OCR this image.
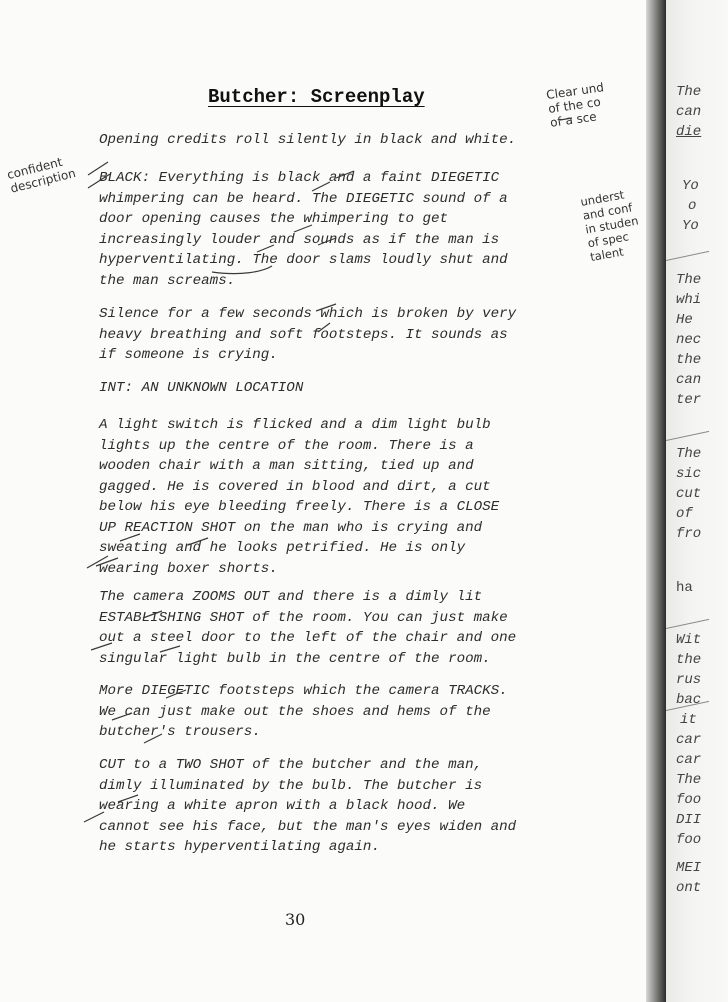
Butcher: Screenplay

Opening credits roll silently in black and white.

BLACK: Everything is black and a faint DIEGETIC
whimpering can be heard. The DIEGETIC sound of a
door opening causes the whimpering to get
increasingly louder and sounds as if the man is
hyperventilating. The door slams loudly shut and
the man screams.

Silence for a few seconds which is broken by very
heavy breathing and soft footsteps. It sounds as
if someone is crying.

INT: AN UNKNOWN LOCATION

A light switch is flicked and a dim light bulb
lights up the centre of the room. There is a
wooden chair with a man sitting, tied up and
gagged. He is covered in blood and dirt, a cut
below his eye bleeding freely. There is a CLOSE
UP REACTION SHOT on the man who is crying and
sweating and he looks petrified. He is only
wearing boxer shorts.

The camera ZOOMS OUT and there is a dimly lit
ESTABLISHING SHOT of the room. You can just make
out a steel door to the left of the chair and one
singular light bulb in the centre of the room.

More DIEGETIC footsteps which the camera TRACKS.
We can just make out the shoes and hems of the
butcher's trousers.

CUT to a TWO SHOT of the butcher and the man,
dimly illuminated by the bulb. The butcher is
wearing a white apron with a black hood. We
cannot see his face, but the man's eyes widen and
he starts hyperventilating again.

confident
description
Clear und
of the co
of a sce
underst
and conf
in studen
of spec
talent
30
The
can
die
Yo
o
Yo
The
whi
He
nec
the
can
ter
The
sic
cut
of
fro
ha
Wit
the
rus
bac
it
car
car
The
foo
DII
foo
MEI
ont
